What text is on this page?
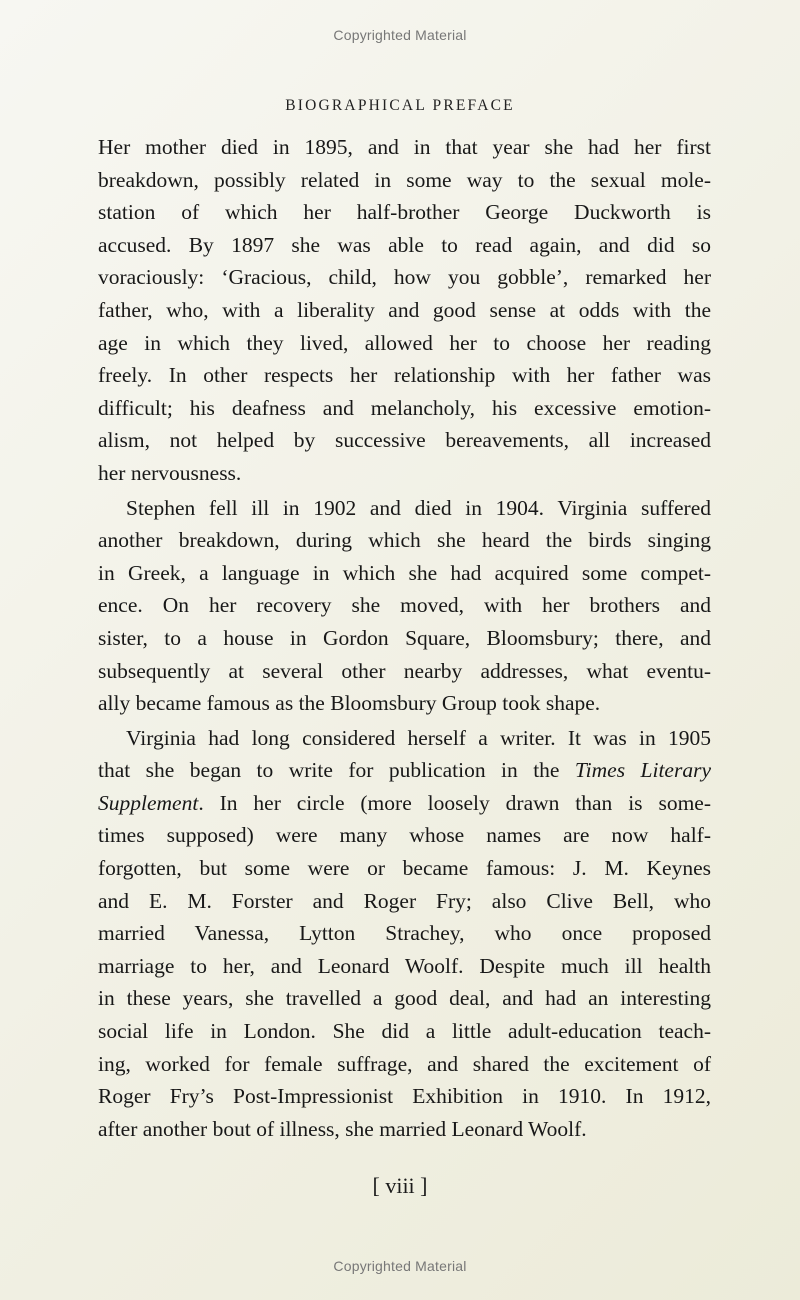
Copyrighted Material
BIOGRAPHICAL PREFACE

Her mother died in 1895, and in that year she had her first
breakdown, possibly related in some way to the sexual mole-
station of which her half-brother George Duckworth is
accused. By 1897 she was able to read again, and did so
voraciously: ‘Gracious, child, how you gobble’, remarked her
father, who, with a liberality and good sense at odds with the
age in which they lived, allowed her to choose her reading
freely. In other respects her relationship with her father was
difficult; his deafness and melancholy, his excessive emotion-
alism, not helped by successive bereavements, all increased
her nervousness.

Stephen fell ill in 1902 and died in 1904. Virginia suffered
another breakdown, during which she heard the birds singing
in Greek, a language in which she had acquired some compet-
ence. On her recovery she moved, with her brothers and
sister, to a house in Gordon Square, Bloomsbury; there, and
subsequently at several other nearby addresses, what eventu-
ally became famous as the Bloomsbury Group took shape.

Virginia had long considered herself a writer. It was in 1905
that she began to write for publication in the Times Literary
Supplement. In her circle (more loosely drawn than is some-
times supposed) were many whose names are now half-
forgotten, but some were or became famous: J. M. Keynes
and E. M. Forster and Roger Fry; also Clive Bell, who
married Vanessa, Lytton Strachey, who once proposed
marriage to her, and Leonard Woolf. Despite much ill health
in these years, she travelled a good deal, and had an interesting
social life in London. She did a little adult-education teach-
ing, worked for female suffrage, and shared the excitement of
Roger Fry’s Post-Impressionist Exhibition in 1910. In 1912,
after another bout of illness, she married Leonard Woolf.

[ viii ]
Copyrighted Material
